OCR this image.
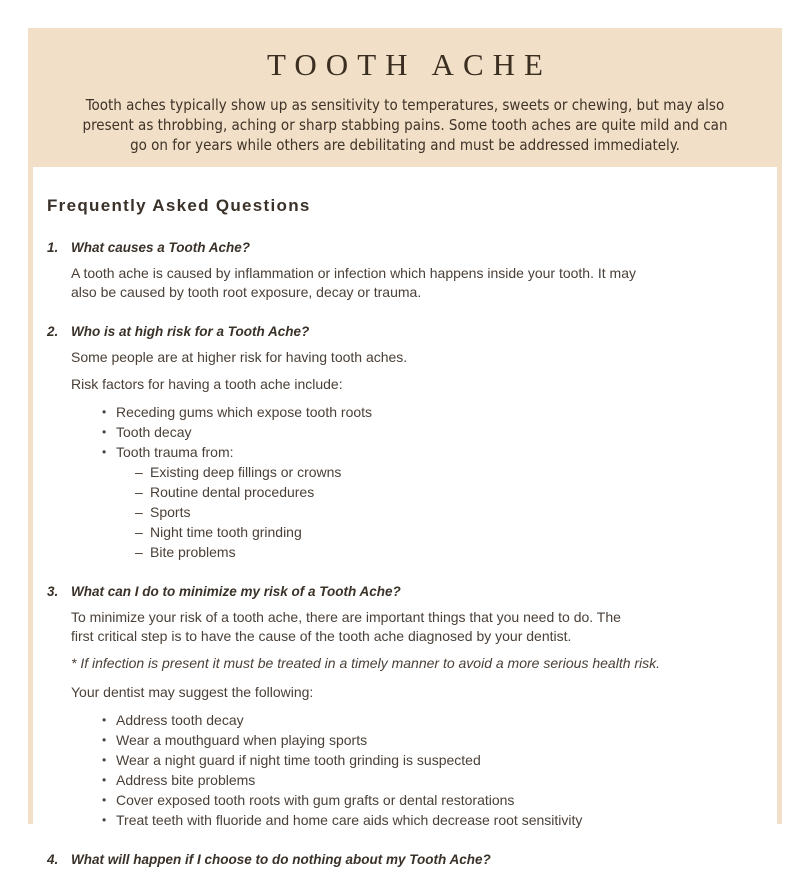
TOOTH ACHE

Tooth aches typically show up as sensitivity to temperatures, sweets or chewing, but may also present as throbbing, aching or sharp stabbing pains. Some tooth aches are quite mild and can go on for years while others are debilitating and must be addressed immediately.

Frequently Asked Questions
1. What causes a Tooth Ache?

A tooth ache is caused by inflammation or infection which happens inside your tooth. It may also be caused by tooth root exposure, decay or trauma.

2. Who is at high risk for a Tooth Ache?

Some people are at higher risk for having tooth aches.

Risk factors for having a tooth ache include:

• Receding gums which expose tooth roots
• Tooth decay
• Tooth trauma from:
– Existing deep fillings or crowns
– Routine dental procedures
– Sports
– Night time tooth grinding
– Bite problems
3. What can I do to minimize my risk of a Tooth Ache?

To minimize your risk of a tooth ache, there are important things that you need to do. The first critical step is to have the cause of the tooth ache diagnosed by your dentist.

* If infection is present it must be treated in a timely manner to avoid a more serious health risk.

Your dentist may suggest the following:

• Address tooth decay
• Wear a mouthguard when playing sports
• Wear a night guard if night time tooth grinding is suspected
• Address bite problems
• Cover exposed tooth roots with gum grafts or dental restorations
• Treat teeth with fluoride and home care aids which decrease root sensitivity
4. What will happen if I choose to do nothing about my Tooth Ache?
